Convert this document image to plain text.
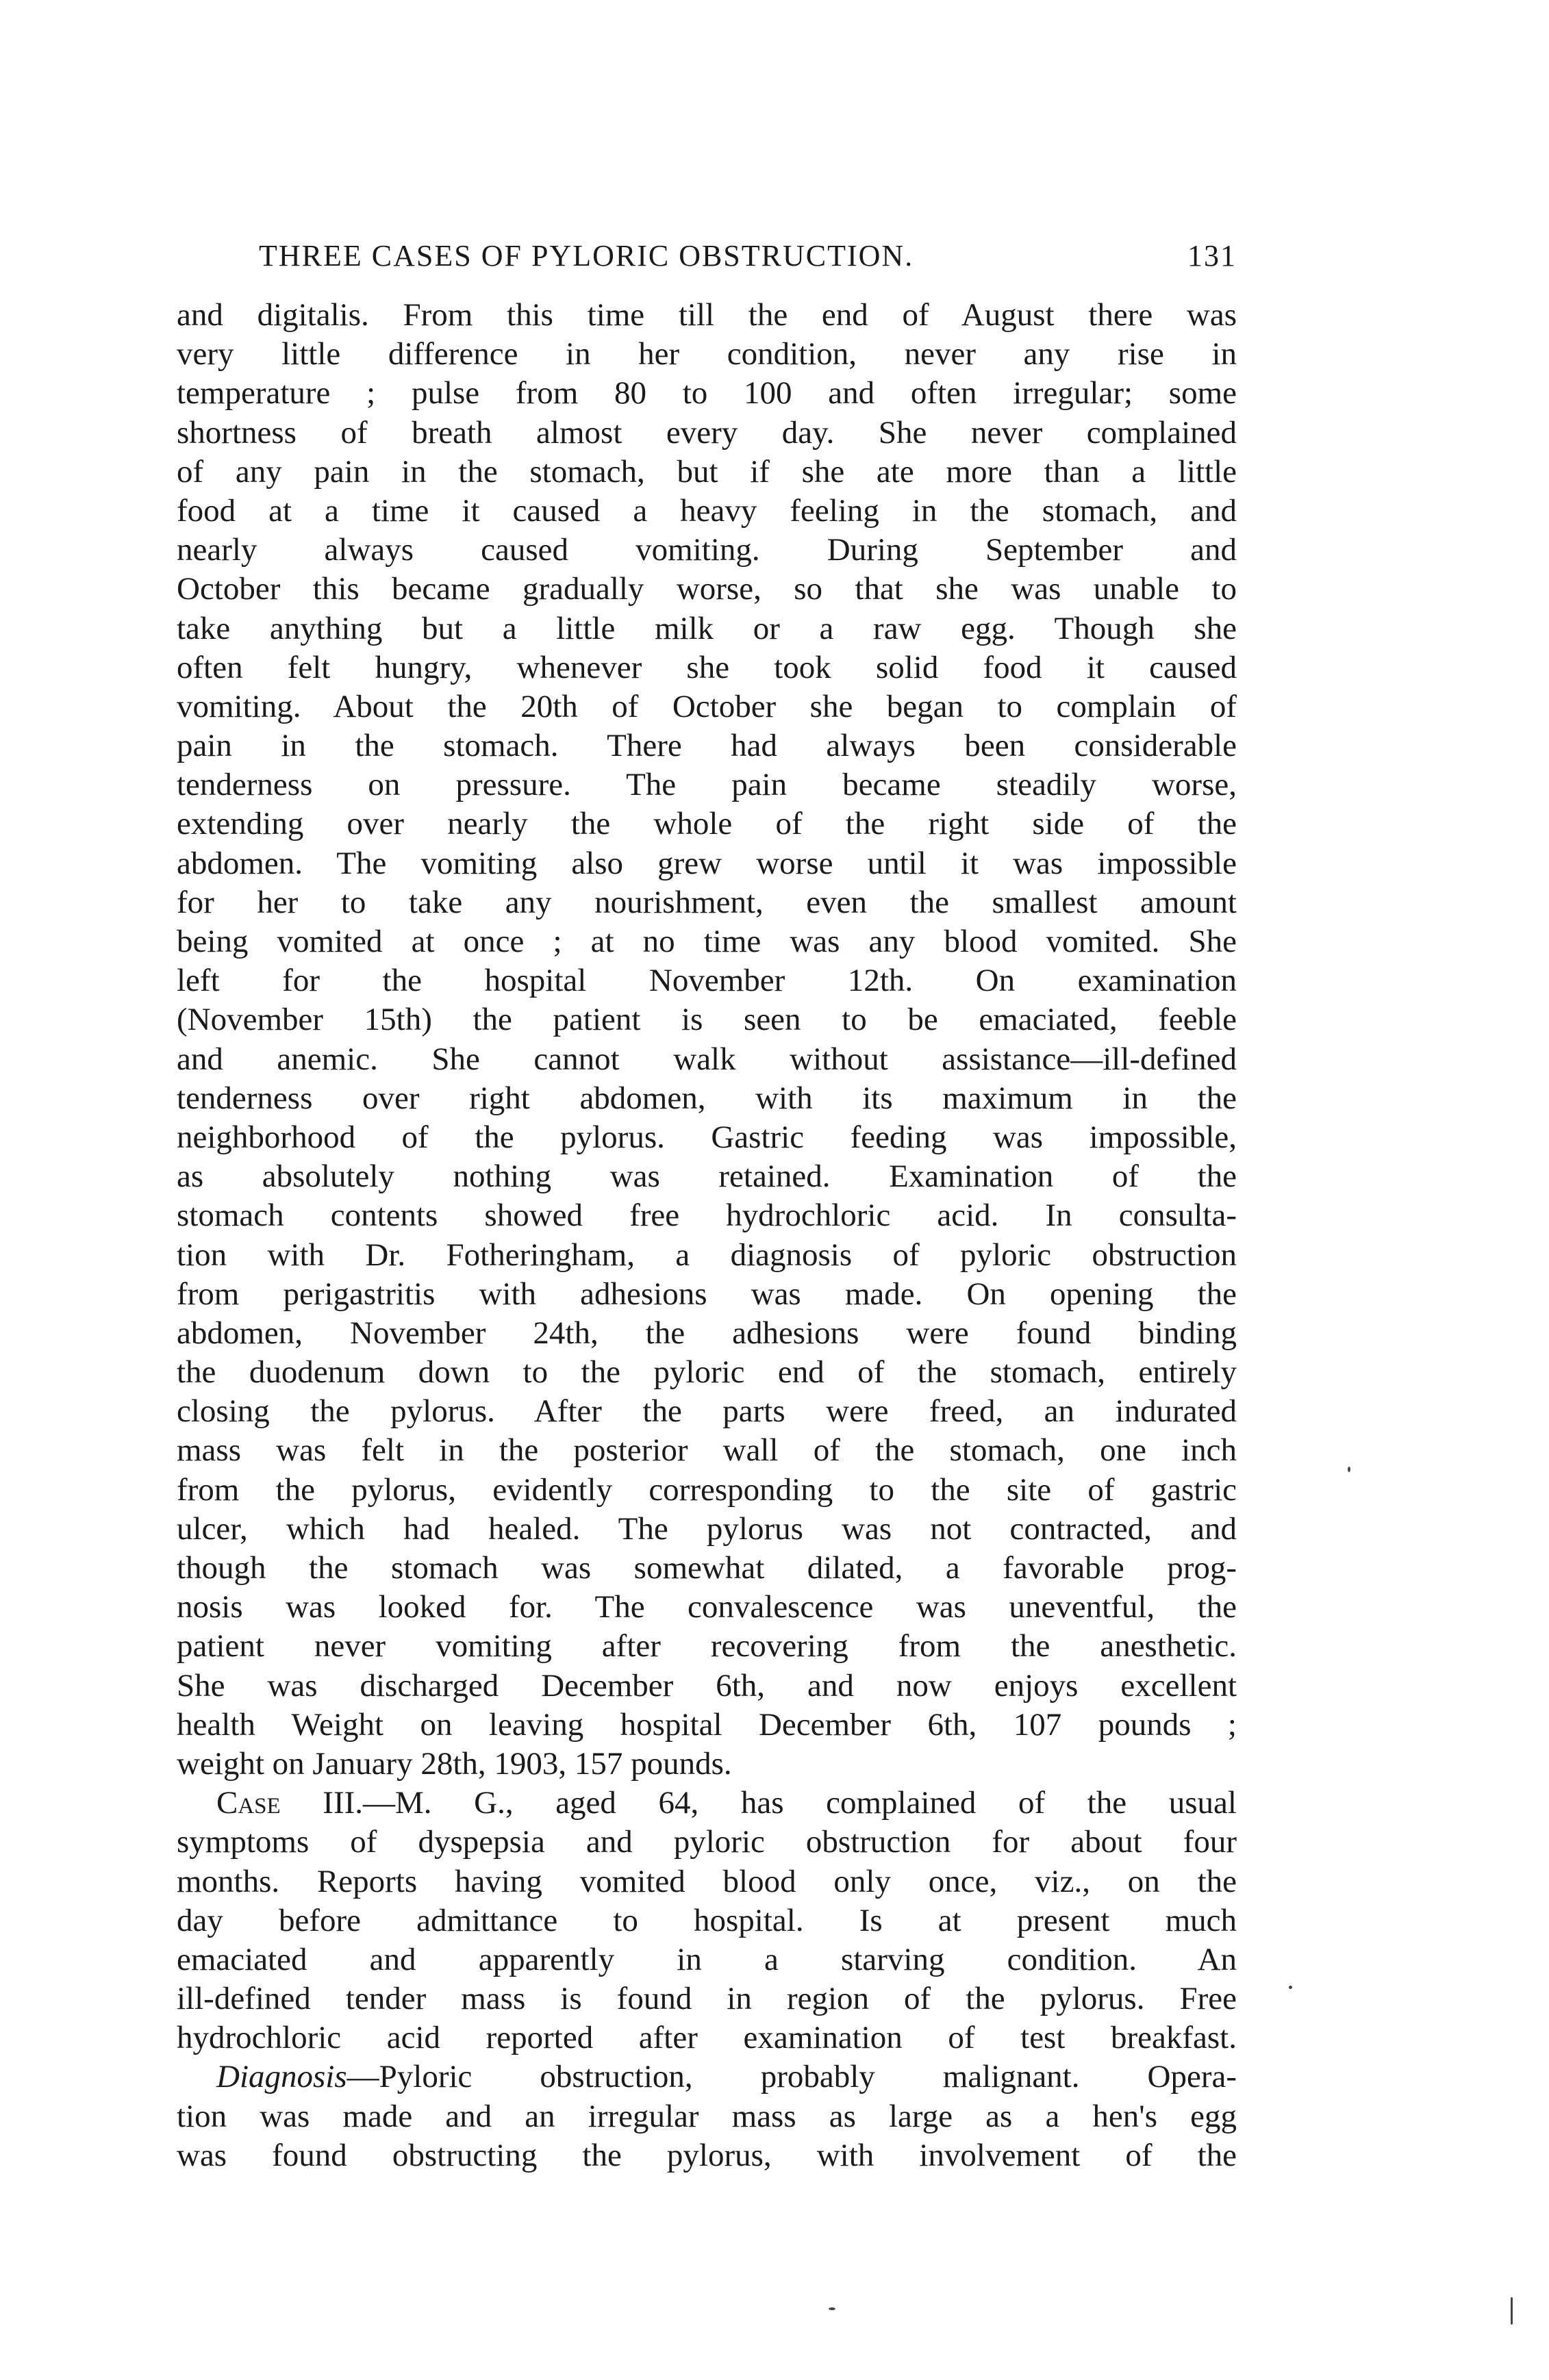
THREE CASES OF PYLORIC OBSTRUCTION.	131
and digitalis. From this time till the end of August there was
very little difference in her condition, never any rise in
temperature ; pulse from 80 to 100 and often irregular; some
shortness of breath almost every day. She never complained
of any pain in the stomach, but if she ate more than a little
food at a time it caused a heavy feeling in the stomach, and
nearly always caused vomiting. During September and
October this became gradually worse, so that she was unable to
take anything but a little milk or a raw egg. Though she
often felt hungry, whenever she took solid food it caused
vomiting. About the 20th of October she began to complain of
pain in the stomach. There had always been considerable
tenderness on pressure. The pain became steadily worse,
extending over nearly the whole of the right side of the
abdomen. The vomiting also grew worse until it was impossible
for her to take any nourishment, even the smallest amount
being vomited at once ; at no time was any blood vomited. She
left for the hospital November 12th. On examination
(November 15th) the patient is seen to be emaciated, feeble
and anemic. She cannot walk without assistance—ill-defined
tenderness over right abdomen, with its maximum in the
neighborhood of the pylorus. Gastric feeding was impossible,
as absolutely nothing was retained. Examination of the
stomach contents showed free hydrochloric acid. In consulta-
tion with Dr. Fotheringham, a diagnosis of pyloric obstruction
from perigastritis with adhesions was made. On opening the
abdomen, November 24th, the adhesions were found binding
the duodenum down to the pyloric end of the stomach, entirely
closing the pylorus. After the parts were freed, an indurated
mass was felt in the posterior wall of the stomach, one inch
from the pylorus, evidently corresponding to the site of gastric
ulcer, which had healed. The pylorus was not contracted, and
though the stomach was somewhat dilated, a favorable prog-
nosis was looked for. The convalescence was uneventful, the
patient never vomiting after recovering from the anesthetic.
She was discharged December 6th, and now enjoys excellent
health Weight on leaving hospital December 6th, 107 pounds ;
weight on January 28th, 1903, 157 pounds.
Case III.—M. G., aged 64, has complained of the usual
symptoms of dyspepsia and pyloric obstruction for about four
months. Reports having vomited blood only once, viz., on the
day before admittance to hospital. Is at present much
emaciated and apparently in a starving condition. An
ill-defined tender mass is found in region of the pylorus. Free
hydrochloric acid reported after examination of test breakfast.
Diagnosis—Pyloric obstruction, probably malignant. Opera-
tion was made and an irregular mass as large as a hen's egg
was found obstructing the pylorus, with involvement of the
